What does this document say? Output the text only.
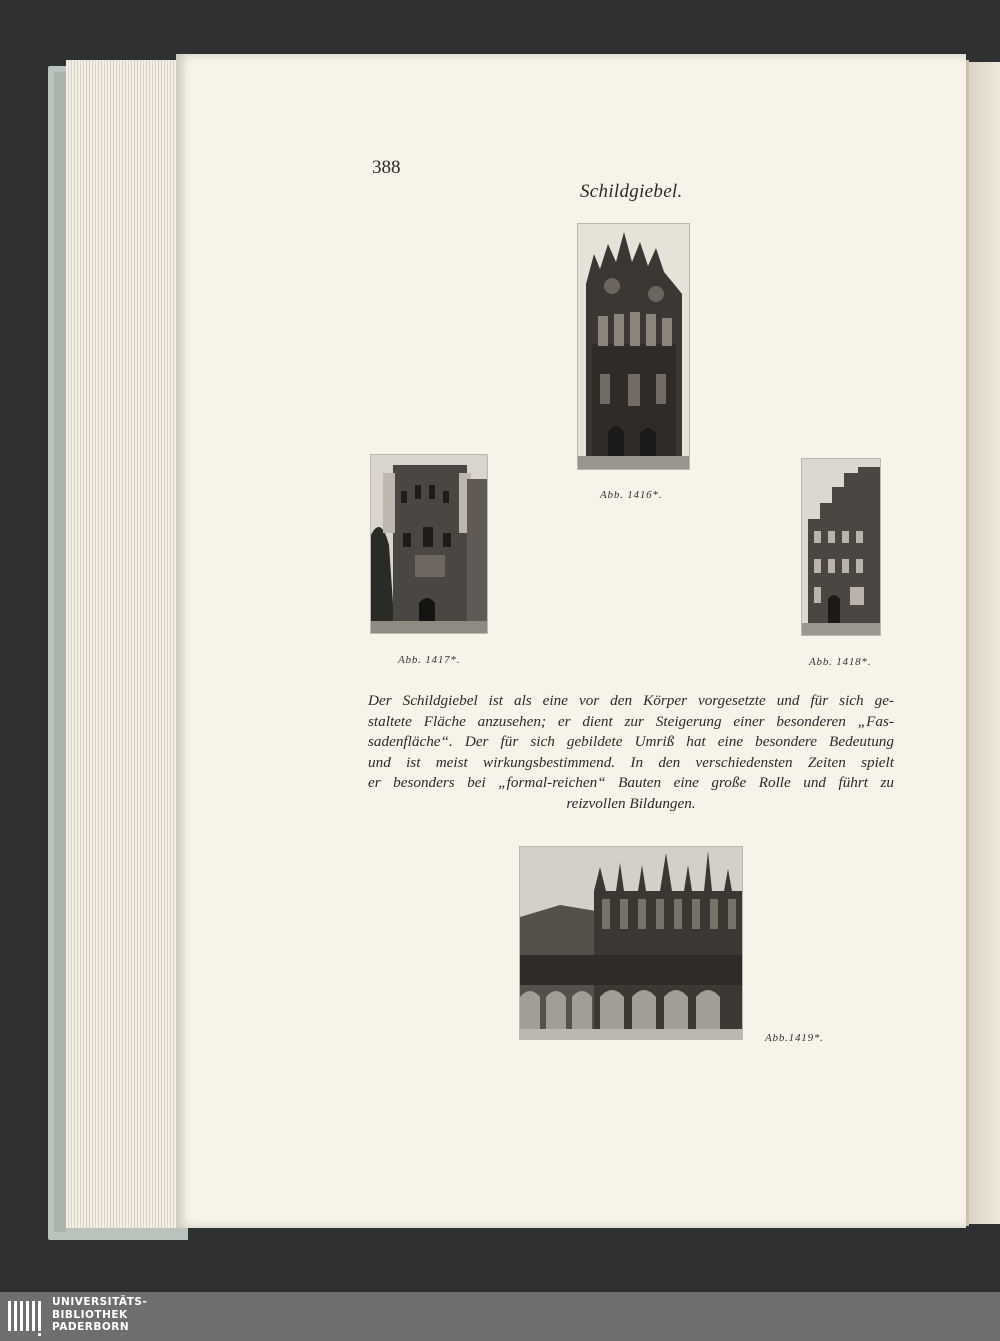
388
Schildgiebel.
Abb. 1416*.
Abb. 1417*.	Abb. 1418*.
Der Schildgiebel ist als eine vor den Körper vorgesetzte und für sich ge-
staltete Fläche anzusehen; er dient zur Steigerung einer besonderen „Fas-
sadenfläche“. Der für sich gebildete Umriß hat eine besondere Bedeutung
und ist meist wirkungsbestimmend. In den verschiedensten Zeiten spielt
er besonders bei „formal-reichen“ Bauten eine große Rolle und führt zu
reizvollen Bildungen.
Abb.1419*.
UNIVERSITÄTS-
BIBLIOTHEK
PADERBORN
